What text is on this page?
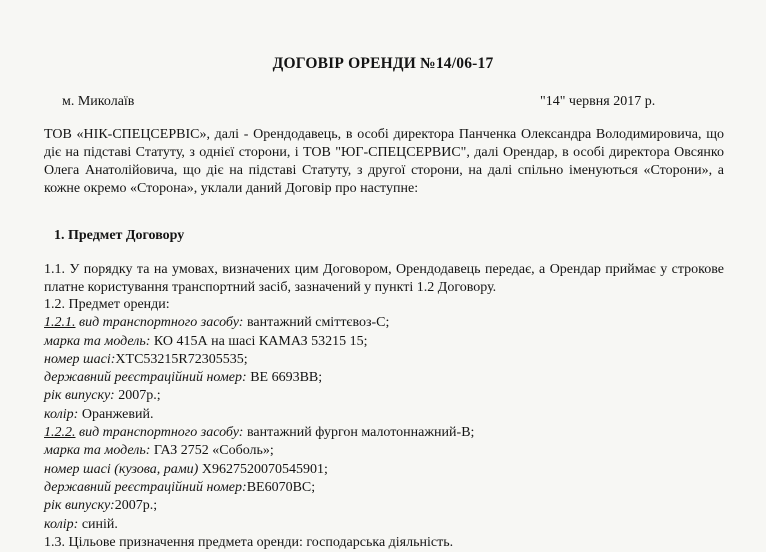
ДОГОВІР ОРЕНДИ №14/06-17
м. Миколаїв	"14" червня 2017 р.
ТОВ «НІК-СПЕЦСЕРВІС», далі - Орендодавець, в особі директора Панченка Олександра Володимировича, що діє на підставі Статуту, з однієї сторони, і ТОВ "ЮГ-СПЕЦСЕРВИС", далі Орендар, в особі директора Овсянко Олега Анатолійовича, що діє на підставі Статуту, з другої сторони, на далі спільно іменуються «Сторони», а кожне окремо «Сторона», уклали даний Договір про наступне:
1. Предмет Договору
1.1. У порядку та на умовах, визначених цим Договором, Орендодавець передає, а Орендар приймає у строкове платне користування транспортний засіб, зазначений у пункті 1.2 Договору.
1.2. Предмет оренди:
1.2.1. вид транспортного засобу: вантажний сміттєвоз-С;
марка та модель: КО 415А на шасі КАМАЗ 53215 15;
номер шасі:ХТС53215R72305535;
державний реєстраційний номер: ВЕ 6693ВВ;
рік випуску: 2007р.;
колір: Оранжевий.
1.2.2. вид транспортного засобу: вантажний фургон малотоннажний-В;
марка та модель: ГАЗ 2752 «Соболь»;
номер шасі (кузова, рами) Х9627520070545901;
державний реєстраційний номер:ВЕ6070ВС;
рік випуску:2007р.;
колір: синій.
1.3. Цільове призначення предмета оренди: господарська діяльність.
